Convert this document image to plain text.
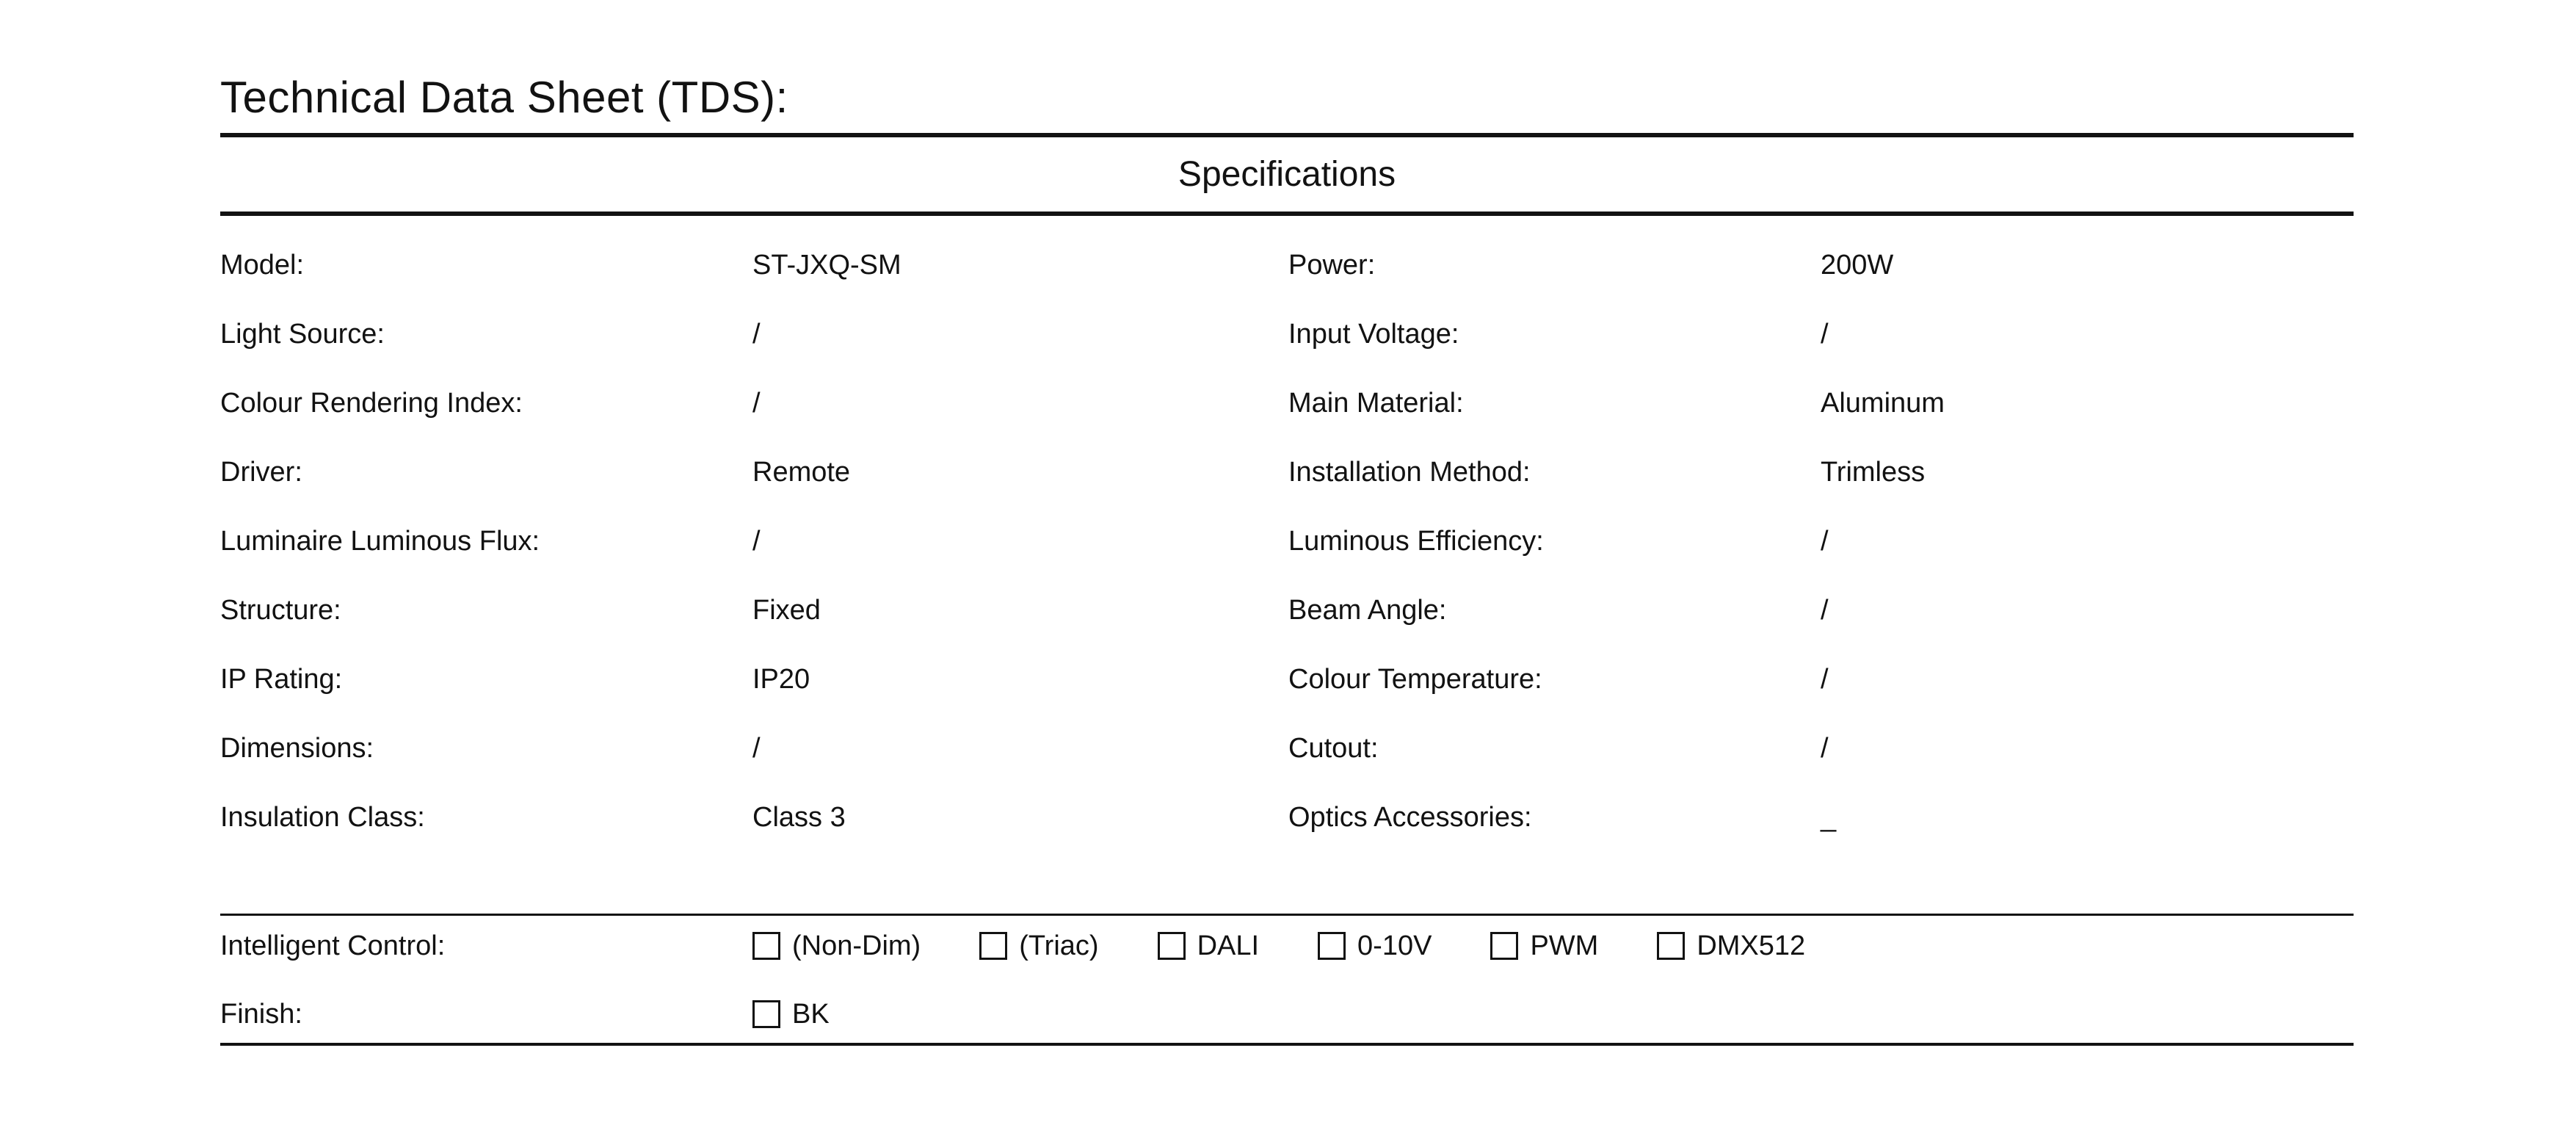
Technical Data Sheet (TDS):
Specifications
Model:	ST-JXQ-SM	Power:	200W
Light Source:	/	Input Voltage:	/
Colour Rendering Index:	/	Main Material:	Aluminum
Driver:	Remote	Installation Method:	Trimless
Luminaire Luminous Flux:	/	Luminous Efficiency:	/
Structure:	Fixed	Beam Angle:	/
IP Rating:	IP20	Colour Temperature:	/
Dimensions:	/	Cutout:	/
Insulation Class:	Class 3	Optics Accessories:	_
Intelligent Control:	(Non-Dim)	(Triac)	DALI	0-10V	PWM	DMX512
Finish:	BK
